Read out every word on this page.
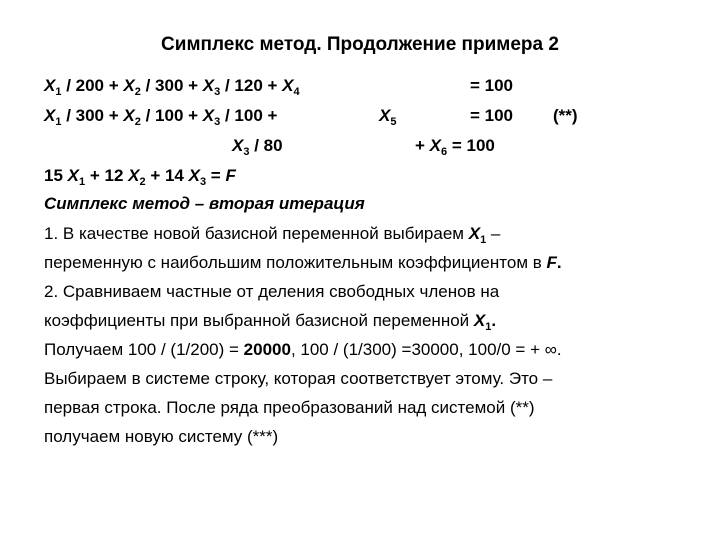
Симплекс метод. Продолжение примера 2
$X_1 / 200 + X_2 / 300 + X_3 / 120 + X_4$	= 100
$X_1 / 300 + X_2 / 100 + X_3 / 100$ +	$X_5$	= 100 (**)
$X_3 / 80$	+ $X_6 = 100$
15 $X_1 + 12$ $X_2 + 14$ $X_3 = F$
Симплекс метод – вторая итерация
1. В качестве новой базисной переменной выбираем $X_1$ –
переменную с наибольшим положительным коэффициентом в F.
2. Сравниваем частные от деления свободных членов на
коэффициенты при выбранной базисной переменной $X_1$.
Получаем 100 / (1/200) = 20000, 100 / (1/300) =30000, 100/0 = + ∞.
Выбираем в системе строку, которая соответствует этому. Это –
первая строка. После ряда преобразований над системой (**)
получаем новую систему (***)
